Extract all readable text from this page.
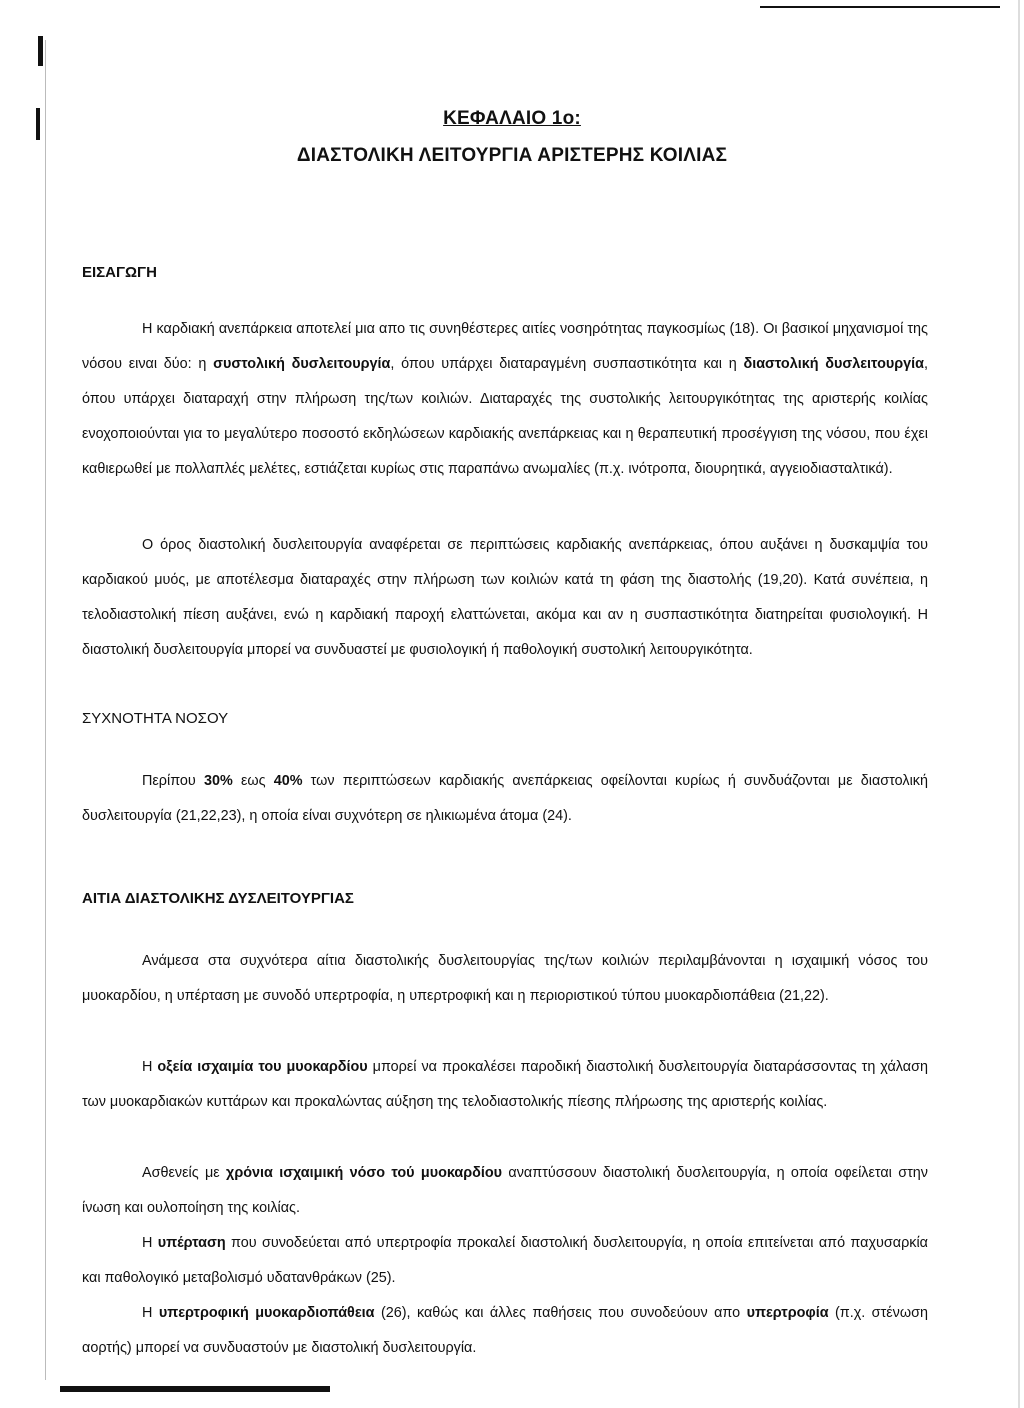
ΚΕΦΑΛΑΙΟ 1ο:
ΔΙΑΣΤΟΛΙΚΗ ΛΕΙΤΟΥΡΓΙΑ ΑΡΙΣΤΕΡΗΣ ΚΟΙΛΙΑΣ
ΕΙΣΑΓΩΓΗ

Η καρδιακή ανεπάρκεια αποτελεί μια απο τις συνηθέστερες αιτίες νοσηρότητας παγκοσμίως (18). Οι βασικοί μηχανισμοί της νόσου ειναι δύο: η συστολική δυσλειτουργία, όπου υπάρχει διαταραγμένη συσπαστικότητα και η διαστολική δυσλειτουργία, όπου υπάρχει διαταραχή στην πλήρωση της/των κοιλιών. Διαταραχές της συστολικής λειτουργικότητας της αριστερής κοιλίας ενοχοποιούνται για το μεγαλύτερο ποσοστό εκδηλώσεων καρδιακής ανεπάρκειας και η θεραπευτική προσέγγιση της νόσου, που έχει καθιερωθεί με πολλαπλές μελέτες, εστιάζεται κυρίως στις παραπάνω ανωμαλίες (π.χ. ινότροπα, διουρητικά, αγγειοδιασταλτικά).

Ο όρος διαστολική δυσλειτουργία αναφέρεται σε περιπτώσεις καρδιακής ανεπάρκειας, όπου αυξάνει η δυσκαμψία του καρδιακού μυός, με αποτέλεσμα διαταραχές στην πλήρωση των κοιλιών κατά τη φάση της διαστολής (19,20). Κατά συνέπεια, η τελοδιαστολική πίεση αυξάνει, ενώ η καρδιακή παροχή ελαττώνεται, ακόμα και αν η συσπαστικότητα διατηρείται φυσιολογική. Η διαστολική δυσλειτουργία μπορεί να συνδυαστεί με φυσιολογική ή παθολογική συστολική λειτουργικότητα.

ΣΥΧΝΟΤΗΤΑ ΝΟΣΟΥ

Περίπου 30% εως 40% των περιπτώσεων καρδιακής ανεπάρκειας οφείλονται κυρίως ή συνδυάζονται με διαστολική δυσλειτουργία (21,22,23), η οποία είναι συχνότερη σε ηλικιωμένα άτομα (24).

ΑΙΤΙΑ ΔΙΑΣΤΟΛΙΚΗΣ ΔΥΣΛΕΙΤΟΥΡΓΙΑΣ

Ανάμεσα στα συχνότερα αίτια διαστολικής δυσλειτουργίας της/των κοιλιών περιλαμβάνονται η ισχαιμική νόσος του μυοκαρδίου, η υπέρταση με συνοδό υπερτροφία, η υπερτροφική και η περιοριστικού τύπου μυοκαρδιοπάθεια (21,22).

Η οξεία ισχαιμία του μυοκαρδίου μπορεί να προκαλέσει παροδική διαστολική δυσλειτουργία διαταράσσοντας τη χάλαση των μυοκαρδιακών κυττάρων και προκαλώντας αύξηση της τελοδιαστολικής πίεσης πλήρωσης της αριστερής κοιλίας.

Ασθενείς με χρόνια ισχαιμική νόσο τού μυοκαρδίου αναπτύσσουν διαστολική δυσλειτουργία, η οποία οφείλεται στην ίνωση και ουλοποίηση της κοιλίας.

Η υπέρταση που συνοδεύεται από υπερτροφία προκαλεί διαστολική δυσλειτουργία, η οποία επιτείνεται από παχυσαρκία και παθολογικό μεταβολισμό υδατανθράκων (25).

Η υπερτροφική μυοκαρδιοπάθεια (26), καθώς και άλλες παθήσεις που συνοδεύουν απο υπερτροφία (π.χ. στένωση αορτής) μπορεί να συνδυαστούν με διαστολική δυσλειτουργία.
